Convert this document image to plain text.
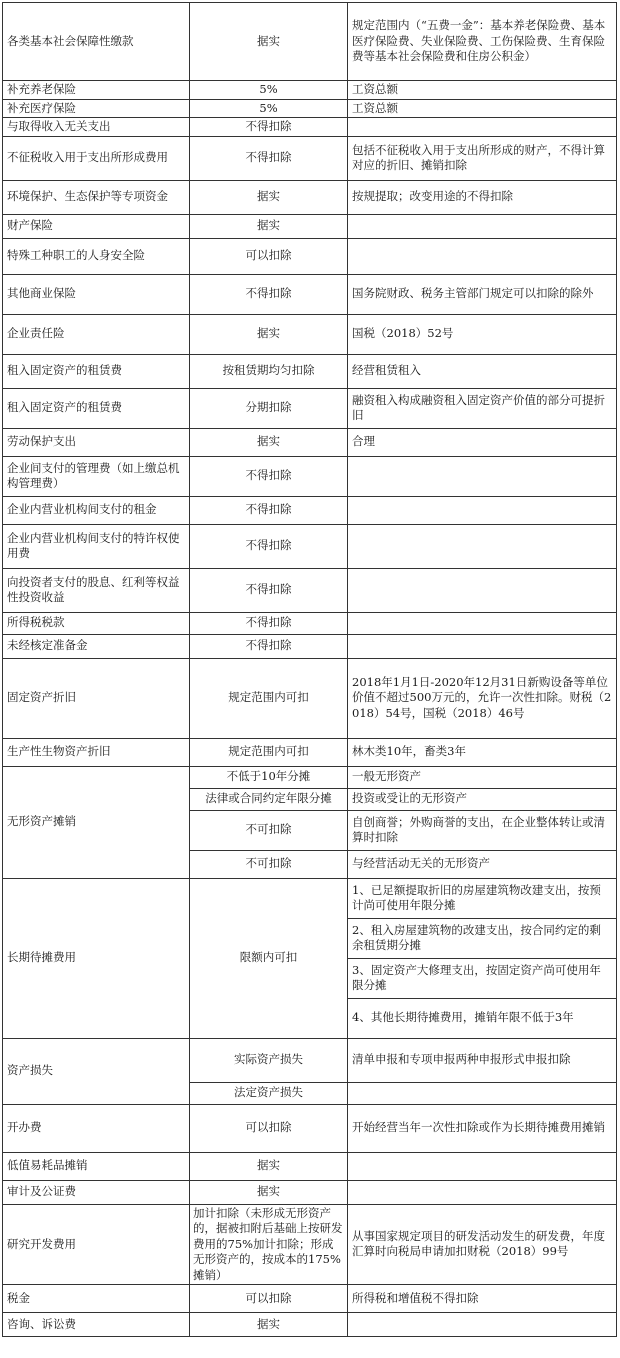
各类基本社会保障性缴款	据实	规定范围内（“五费一金”：基本养老保险费、基本医疗保险费、失业保险费、工伤保险费、生育保险费等基本社会保险费和住房公积金）
补充养老保险	5%	工资总额
补充医疗保险	5%	工资总额
与取得收入无关支出	不得扣除	
不征税收入用于支出所形成费用	不得扣除	包括不征税收入用于支出所形成的财产，不得计算对应的折旧、摊销扣除
环境保护、生态保护等专项资金	据实	按规提取；改变用途的不得扣除
财产保险	据实	
特殊工种职工的人身安全险	可以扣除	
其他商业保险	不得扣除	国务院财政、税务主管部门规定可以扣除的除外
企业责任险	据实	国税（2018）52号
租入固定资产的租赁费	按租赁期均匀扣除	经营租赁租入
租入固定资产的租赁费	分期扣除	融资租入构成融资租入固定资产价值的部分可提折旧
劳动保护支出	据实	合理
企业间支付的管理费（如上缴总机构管理费）	不得扣除	
企业内营业机构间支付的租金	不得扣除	
企业内营业机构间支付的特许权使用费	不得扣除	
向投资者支付的股息、红利等权益性投资收益	不得扣除	
所得税税款	不得扣除	
未经核定准备金	不得扣除	
固定资产折旧	规定范围内可扣	2018年1月1日-2020年12月31日新购设备等单位价值不超过500万元的，允许一次性扣除。财税（2018）54号，国税（2018）46号
生产性生物资产折旧	规定范围内可扣	林木类10年，畜类3年
无形资产摊销	不低于10年分摊	一般无形资产
	法律或合同约定年限分摊	投资或受让的无形资产
	不可扣除	自创商誉；外购商誉的支出，在企业整体转让或清算时扣除
	不可扣除	与经营活动无关的无形资产
长期待摊费用	限额内可扣	1、已足额提取折旧的房屋建筑物改建支出，按预计尚可使用年限分摊
		2、租入房屋建筑物的改建支出，按合同约定的剩余租赁期分摊
		3、固定资产大修理支出，按固定资产尚可使用年限分摊
		4、其他长期待摊费用，摊销年限不低于3年
资产损失	实际资产损失	清单申报和专项申报两种申报形式申报扣除
	法定资产损失	
开办费	可以扣除	开始经营当年一次性扣除或作为长期待摊费用摊销
低值易耗品摊销	据实	
审计及公证费	据实	
研究开发费用	加计扣除（未形成无形资产的，据被扣附后基础上按研发费用的75%加计扣除；形成无形资产的，按成本的175%摊销）	从事国家规定项目的研发活动发生的研发费，年度汇算时向税局申请加扣财税（2018）99号
税金	可以扣除	所得税和增值税不得扣除
咨询、诉讼费	据实	
